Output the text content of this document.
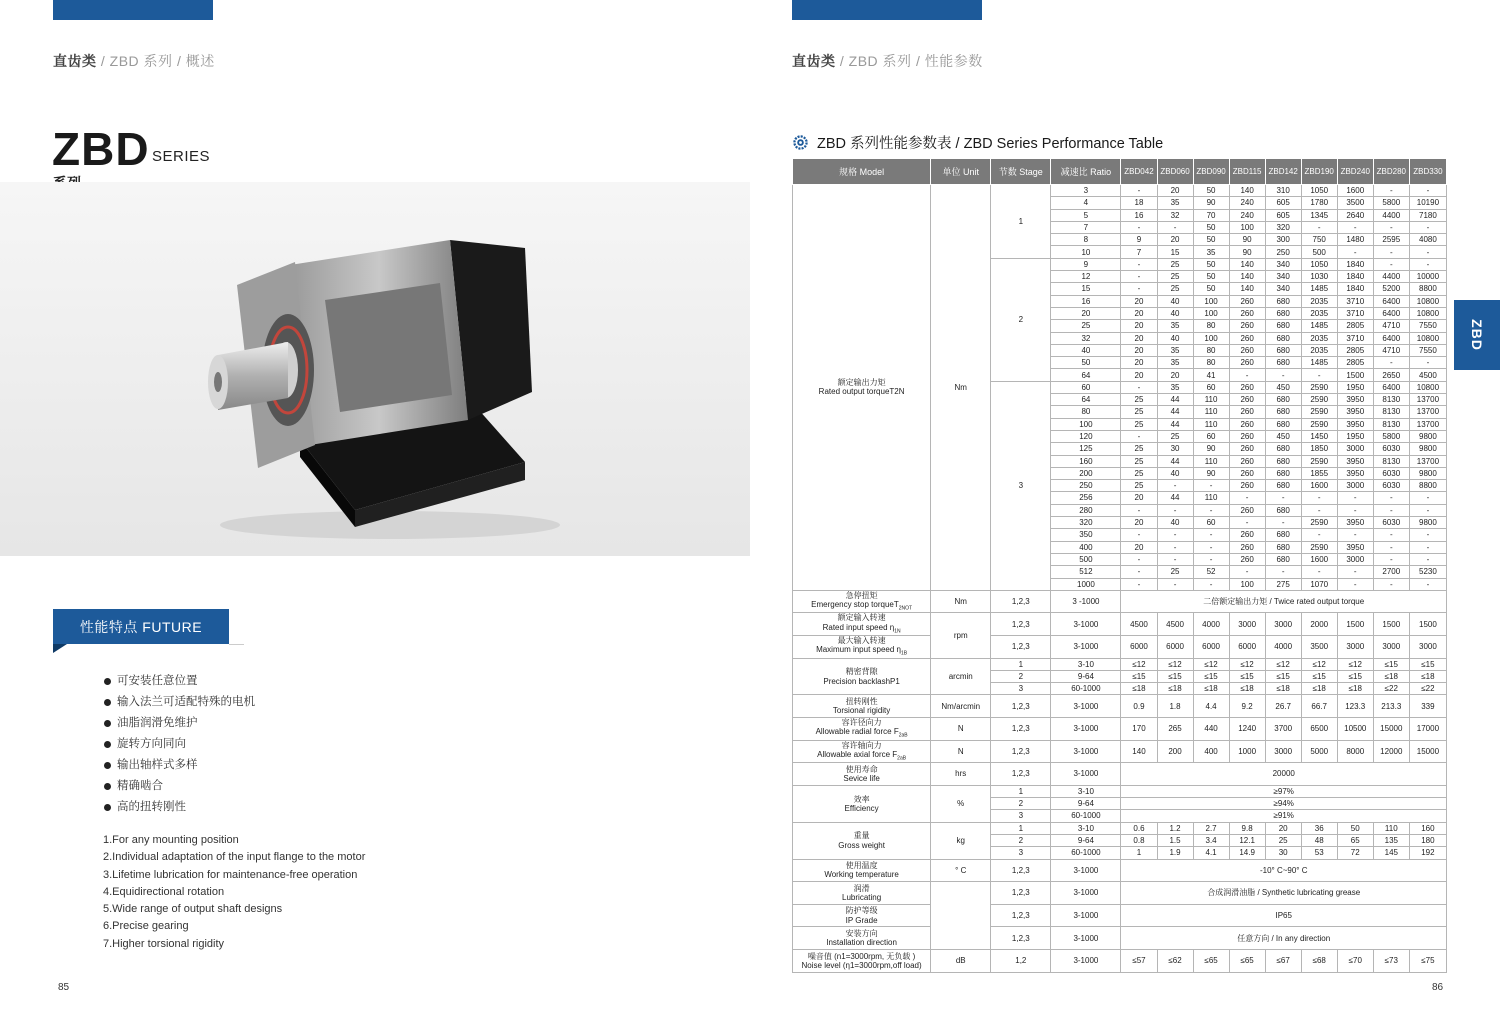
直齿类 / ZBD 系列 / 概述
ZBD SERIES
性能特点 FUTURE
可安装任意位置
输入法兰可适配特殊的电机
油脂润滑免维护
旋转方向同向
输出轴样式多样
精确啮合
高的扭转刚性
1.For any mounting position
2.Individual adaptation of the input flange to the motor
3.Lifetime lubrication for maintenance-free operation
4.Equidirectional rotation
5.Wide range of output shaft designs
6.Precise gearing
7.Higher torsional rigidity
85
直齿类 / ZBD 系列 / 性能参数
ZBD
ZBD 系列性能参数表 / ZBD Series Performance Table
规格 Model	单位 Unit	节数 Stage	减速比 Ratio	ZBD042	ZBD060	ZBD090	ZBD115	ZBD142	ZBD190	ZBD240	ZBD280	ZBD330

额定输出力矩
Rated output torqueT2N	Nm	1	3	-	20	50	140	310	1050	1600	-	-
			4	18	35	90	240	605	1780	3500	5800	10190
			5	16	32	70	240	605	1345	2640	4400	7180
			7	-	-	50	100	320	-	-	-	-
			8	9	20	50	90	300	750	1480	2595	4080
			10	7	15	35	90	250	500	-	-	-
		2	9	-	25	50	140	340	1050	1840	-	-
			12	-	25	50	140	340	1030	1840	4400	10000
			15	-	25	50	140	340	1485	1840	5200	8800
			16	20	40	100	260	680	2035	3710	6400	10800
			20	20	40	100	260	680	2035	3710	6400	10800
			25	20	35	80	260	680	1485	2805	4710	7550
			32	20	40	100	260	680	2035	3710	6400	10800
			40	20	35	80	260	680	2035	2805	4710	7550
			50	20	35	80	260	680	1485	2805	-	-
			64	20	20	41	-	-	-	1500	2650	4500
		3	60	-	35	60	260	450	2590	1950	6400	10800
			64	25	44	110	260	680	2590	3950	8130	13700
			80	25	44	110	260	680	2590	3950	8130	13700
			100	25	44	110	260	680	2590	3950	8130	13700
			120	-	25	60	260	450	1450	1950	5800	9800
			125	25	30	90	260	680	1850	3000	6030	9800
			160	25	44	110	260	680	2590	3950	8130	13700
			200	25	40	90	260	680	1855	3950	6030	9800
			250	25	-	-	260	680	1600	3000	6030	8800
			256	20	44	110	-	-	-	-	-	-
			280	-	-	-	260	680	-	-	-	-
			320	20	40	60	-	-	2590	3950	6030	9800
			350	-	-	-	260	680	-	-	-	-
			400	20	-	-	260	680	2590	3950	-	-
			500	-	-	-	260	680	1600	3000	-	-
			512	-	25	52	-	-	-	-	2700	5230
			1000	-	-	-	100	275	1070	-	-	-

急停扭矩
Emergency stop torqueT$_{2NOT}$	Nm	1,2,3	3 -1000	二倍额定输出力矩 / Twice rated output torque								

额定输入转速
Rated input speed $\eta_{1N}$	rpm	1,2,3	3-1000	4500	4500	4000	3000	3000	2000	1500	1500	1500

最大输入转速
Maximum input speed $\eta_{1B}$		1,2,3	3-1000	6000	6000	6000	6000	4000	3500	3000	3000	3000

精密背隙
Precision backlashP1	arcmin	1	3-10	≤12	≤12	≤12	≤12	≤12	≤12	≤12	≤15	≤15
		2	9-64	≤15	≤15	≤15	≤15	≤15	≤15	≤15	≤18	≤18
		3	60-1000	≤18	≤18	≤18	≤18	≤18	≤18	≤18	≤22	≤22

扭转刚性
Torsional rigidity	Nm/arcmin	1,2,3	3-1000	0.9	1.8	4.4	9.2	26.7	66.7	123.3	213.3	339

容许径向力
Allowable radial force $F_{2aB}$	N	1,2,3	3-1000	170	265	440	1240	3700	6500	10500	15000	17000

容许轴向力
Allowable axial force $F_{2aB}$	N	1,2,3	3-1000	140	200	400	1000	3000	5000	8000	12000	15000

使用寿命
Sevice life	hrs	1,2,3	3-1000	20000								

效率
Efficiency	%	1	3-10	≥97%								
		2	9-64	≥94%								
		3	60-1000	≥91%								

重量
Gross weight	kg	1	3-10	0.6	1.2	2.7	9.8	20	36	50	110	160
		2	9-64	0.8	1.5	3.4	12.1	25	48	65	135	180
		3	60-1000	1	1.9	4.1	14.9	30	53	72	145	192

使用温度
Working temperature	° C	1,2,3	3-1000	-10° C~90° C								

润滑
Lubricating		1,2,3	3-1000	合成润滑油脂 / Synthetic lubricating grease								

防护等级
IP Grade		1,2,3	3-1000	IP65								

安装方向
Installation direction		1,2,3	3-1000	任意方向 / In any direction								

噪音值 (n1=3000rpm, 无负载 )
Noise level (η1=3000rpm,off load)	dB	1,2	3-1000	≤57	≤62	≤65	≤65	≤67	≤68	≤70	≤73	≤75
86
